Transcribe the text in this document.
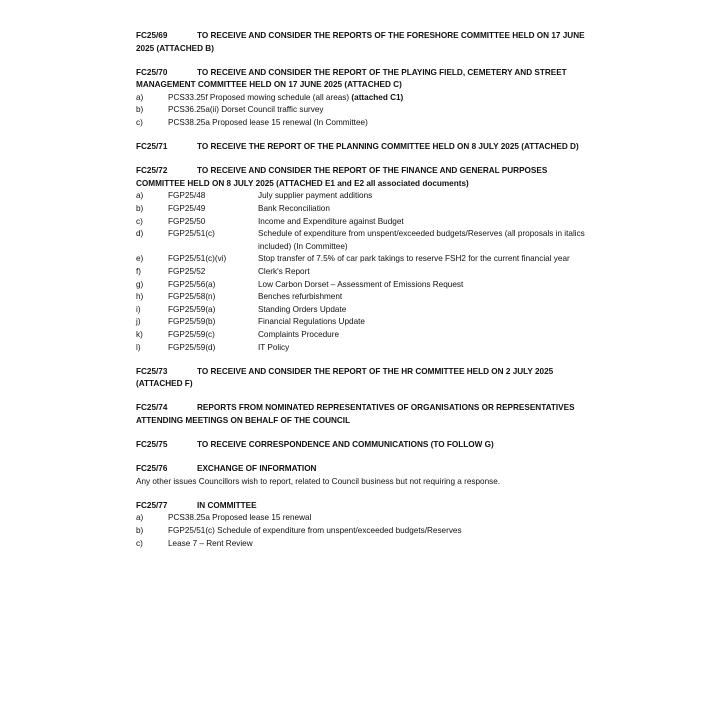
FC25/69	TO RECEIVE AND CONSIDER THE REPORTS OF THE FORESHORE COMMITTEE HELD ON 17 JUNE 2025 (ATTACHED B)
FC25/70	TO RECEIVE AND CONSIDER THE REPORT OF THE PLAYING FIELD, CEMETERY AND STREET MANAGEMENT COMMITTEE HELD ON 17 JUNE 2025 (ATTACHED C)
a)	PCS33.25f Proposed mowing schedule (all areas) (attached C1)
b)	PCS36.25a(ii) Dorset Council traffic survey
c)	PCS38.25a Proposed lease 15 renewal (In Committee)
FC25/71	TO RECEIVE THE REPORT OF THE PLANNING COMMITTEE HELD ON 8 JULY 2025 (ATTACHED D)
FC25/72	TO RECEIVE AND CONSIDER THE REPORT OF THE FINANCE AND GENERAL PURPOSES COMMITTEE HELD ON 8 JULY 2025 (ATTACHED E1 and E2 all associated documents)
a)	FGP25/48	July supplier payment additions
b)	FGP25/49	Bank Reconciliation
c)	FGP25/50	Income and Expenditure against Budget
d)	FGP25/51(c)	Schedule of expenditure from unspent/exceeded budgets/Reserves (all proposals in italics included) (In Committee)
e)	FGP25/51(c)(vi)	Stop transfer of 7.5% of car park takings to reserve FSH2 for the current financial year
f)	FGP25/52	Clerk's Report
g)	FGP25/56(a)	Low Carbon Dorset – Assessment of Emissions Request
h)	FGP25/58(n)	Benches refurbishment
i)	FGP25/59(a)	Standing Orders Update
j)	FGP25/59(b)	Financial Regulations Update
k)	FGP25/59(c)	Complaints Procedure
l)	FGP25/59(d)	IT Policy
FC25/73	TO RECEIVE AND CONSIDER THE REPORT OF THE HR COMMITTEE HELD ON 2 JULY 2025 (ATTACHED F)
FC25/74	REPORTS FROM NOMINATED REPRESENTATIVES OF ORGANISATIONS OR REPRESENTATIVES ATTENDING MEETINGS ON BEHALF OF THE COUNCIL
FC25/75	TO RECEIVE CORRESPONDENCE AND COMMUNICATIONS (TO FOLLOW G)
FC25/76	EXCHANGE OF INFORMATION
Any other issues Councillors wish to report, related to Council business but not requiring a response.
FC25/77	IN COMMITTEE
a)	PCS38.25a Proposed lease 15 renewal
b)	FGP25/51(c) Schedule of expenditure from unspent/exceeded budgets/Reserves
c)	Lease 7 – Rent Review
